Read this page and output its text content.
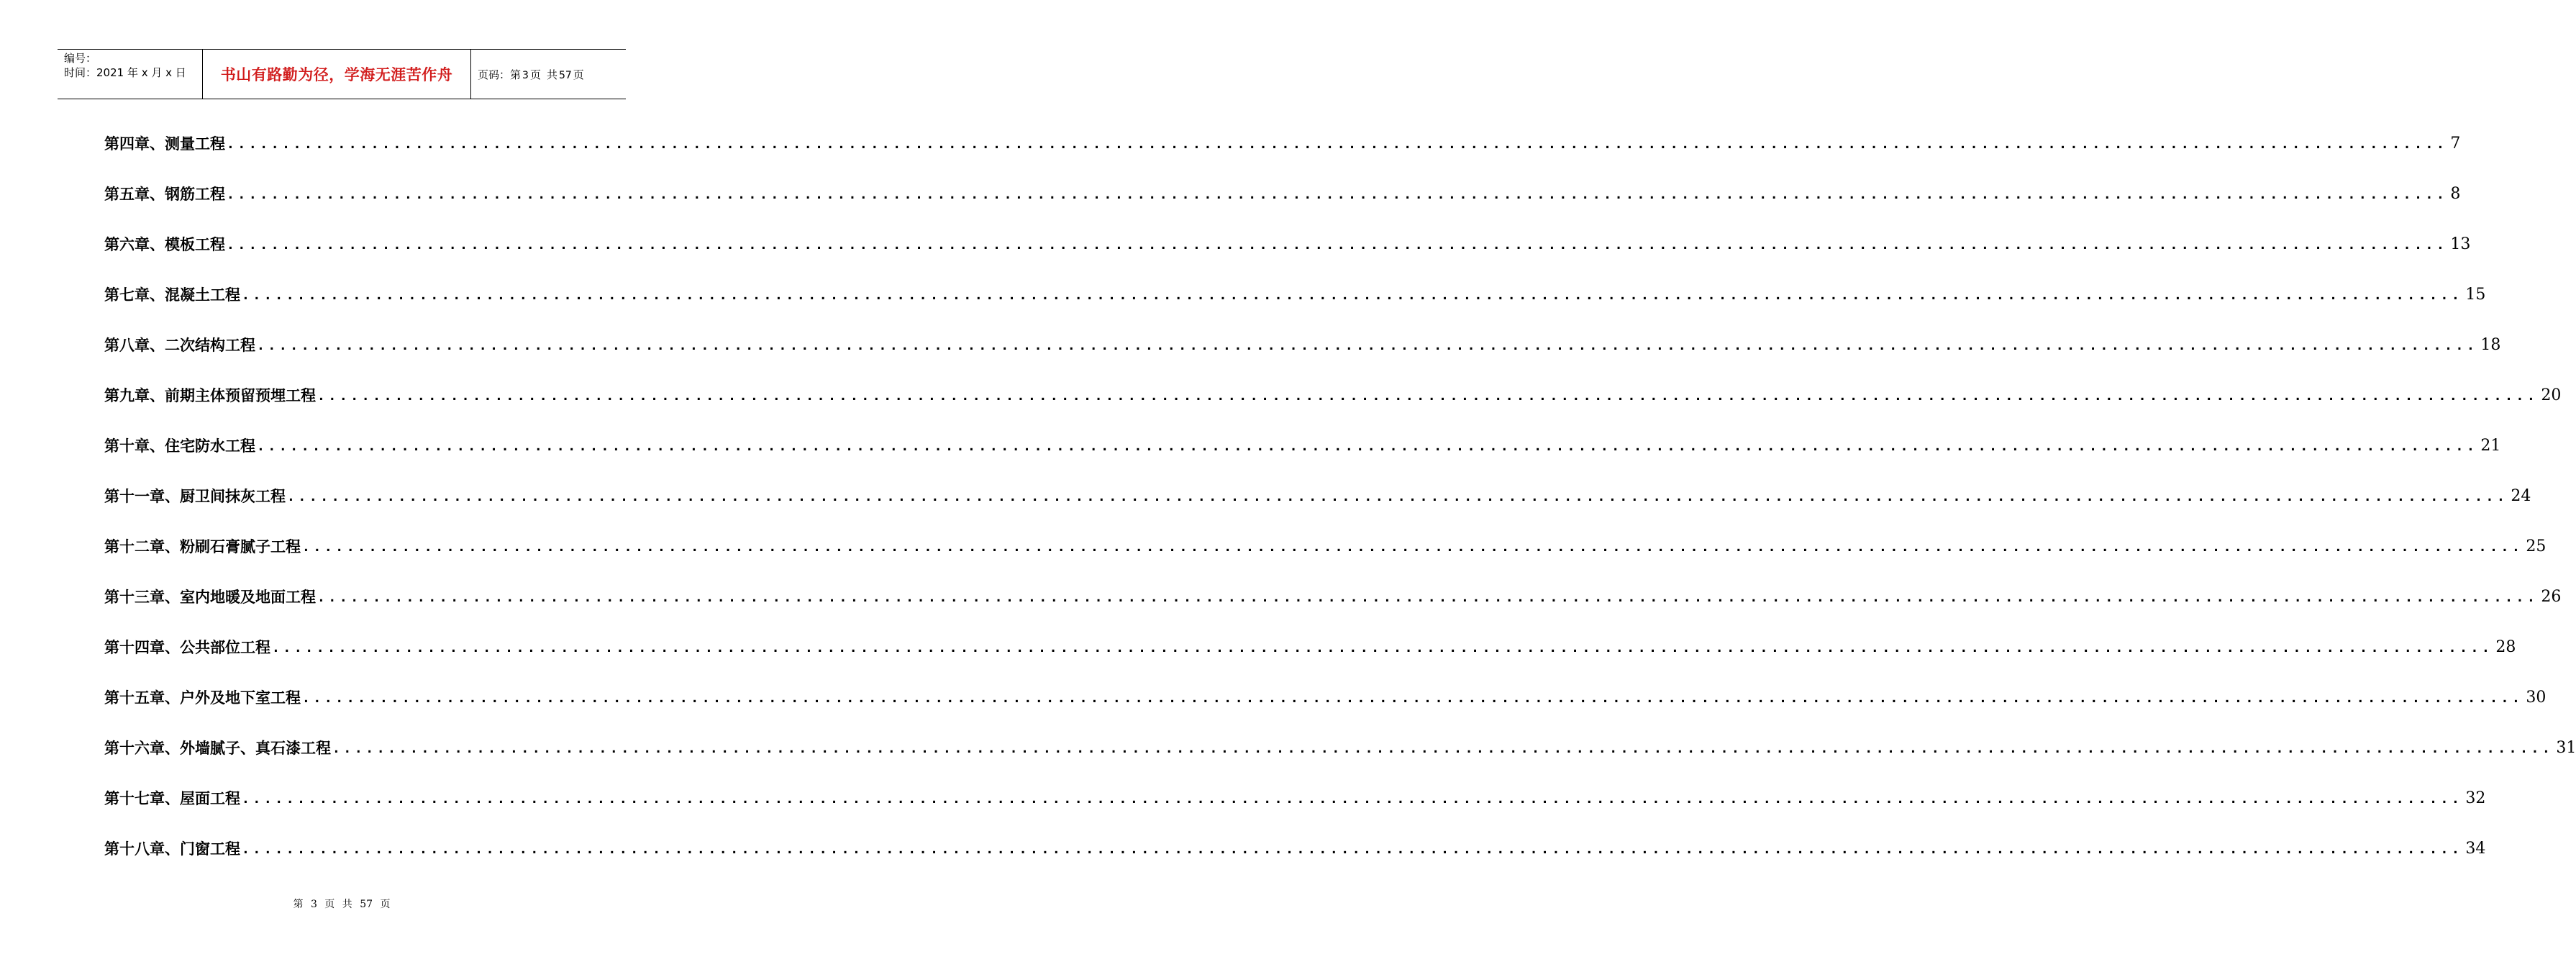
编号：
时间：2021 年 x 月 x 日	书山有路勤为径，学海无涯苦作舟 页码：第 3 页 共 57 页
第四章、测量工程 ........................................................................................................................................................................................................ 7
第五章、钢筋工程 ........................................................................................................................................................................................................ 8
第六章、模板工程 ........................................................................................................................................................................................................ 13
第七章、混凝土工程 ........................................................................................................................................................................................................ 15
第八章、二次结构工程 ........................................................................................................................................................................................................ 18
第九章、前期主体预留预埋工程 ........................................................................................................................................................................................................ 20
第十章、住宅防水工程 ........................................................................................................................................................................................................ 21
第十一章、厨卫间抹灰工程 ........................................................................................................................................................................................................ 24
第十二章、粉刷石膏腻子工程 ........................................................................................................................................................................................................ 25
第十三章、室内地暖及地面工程 ........................................................................................................................................................................................................ 26
第十四章、公共部位工程 ........................................................................................................................................................................................................ 28
第十五章、户外及地下室工程 ........................................................................................................................................................................................................ 30
第十六章、外墙腻子、真石漆工程 ........................................................................................................................................................................................................ 31
第十七章、屋面工程 ........................................................................................................................................................................................................ 32
第十八章、门窗工程 ........................................................................................................................................................................................................ 34
第 3 页 共 57 页
